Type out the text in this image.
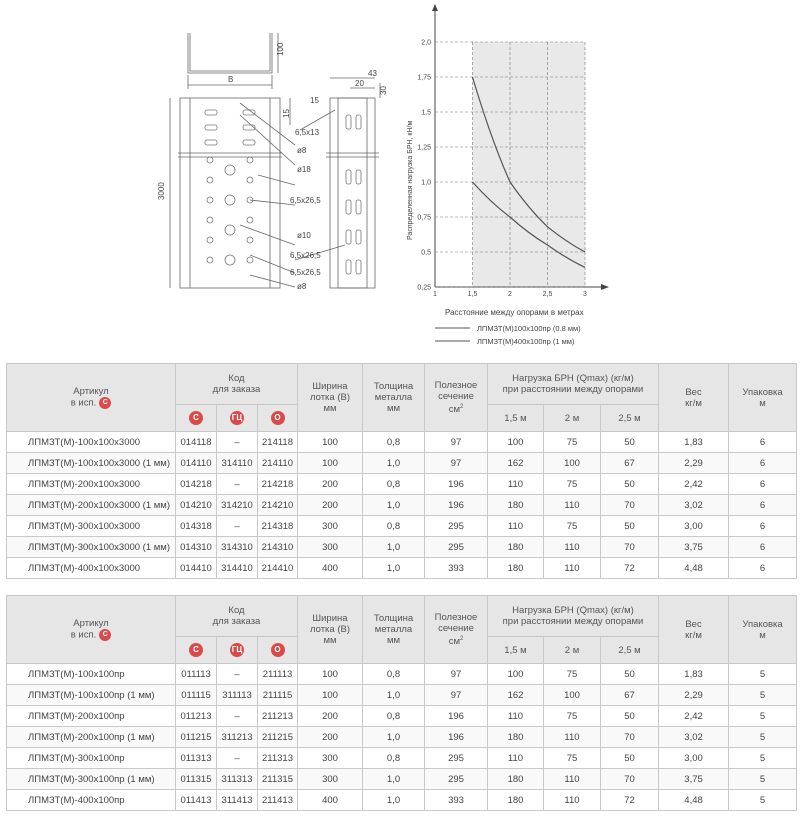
100
B
3000
43
20
30
15
15
6,5x13
ø8
ø18
6,5x26,5
ø10
6,5x26,5
6,5x26,5
ø8	0,25
0,5
0,75
1,0
1,25
1,5
1,75
2,0
1	1,5	2	2,5	3
Распределенная нагрузка БРН, кН/м
Расстояние между опорами в метрах
ЛПМЗТ(М)100х100пр (0.8 мм)
ЛПМЗТ(М)400х100пр (1 мм)
Артикул
в исп. С	Код
для заказа			Ширина
лотка (В)
мм	Толщина
металла
мм	Полезное
сечение
$см^2$	Нагрузка БРН (Qmax) (кг/м)
при расстоянии между опорами			Вес
кг/м	Упаковка
м

	С	ГЦ	О				1,5 м	2 м	2,5 м		
ЛПМЗТ(М)-100х100х3000	014118	–	214118	100	0,8	97	100	75	50	1,83	6
ЛПМЗТ(М)-100х100х3000 (1 мм)	014110	314110	214110	100	1,0	97	162	100	67	2,29	6
ЛПМЗТ(М)-200х100х3000	014218	–	214218	200	0,8	196	110	75	50	2,42	6
ЛПМЗТ(М)-200х100х3000 (1 мм)	014210	314210	214210	200	1,0	196	180	110	70	3,02	6
ЛПМЗТ(М)-300х100х3000	014318	–	214318	300	0,8	295	110	75	50	3,00	6
ЛПМЗТ(М)-300х100х3000 (1 мм)	014310	314310	214310	300	1,0	295	180	110	70	3,75	6
ЛПМЗТ(М)-400х100х3000	014410	314410	214410	400	1,0	393	180	110	72	4,48	6
Артикул
в исп. С	Код
для заказа			Ширина
лотка (В)
мм	Толщина
металла
мм	Полезное
сечение
$см^2$	Нагрузка БРН (Qmax) (кг/м)
при расстоянии между опорами			Вес
кг/м	Упаковка
м

	С	ГЦ	О				1,5 м	2 м	2,5 м		
ЛПМЗТ(М)-100х100пр	011113	–	211113	100	0,8	97	100	75	50	1,83	5
ЛПМЗТ(М)-100х100пр (1 мм)	011115	311113	211115	100	1,0	97	162	100	67	2,29	5
ЛПМЗТ(М)-200х100пр	011213	–	211213	200	0,8	196	110	75	50	2,42	5
ЛПМЗТ(М)-200х100пр (1 мм)	011215	311213	211215	200	1,0	196	180	110	70	3,02	5
ЛПМЗТ(М)-300х100пр	011313	–	211313	300	0,8	295	110	75	50	3,00	5
ЛПМЗТ(М)-300х100пр (1 мм)	011315	311313	211315	300	1,0	295	180	110	70	3,75	5
ЛПМЗТ(М)-400х100пр	011413	311413	211413	400	1,0	393	180	110	72	4,48	5
